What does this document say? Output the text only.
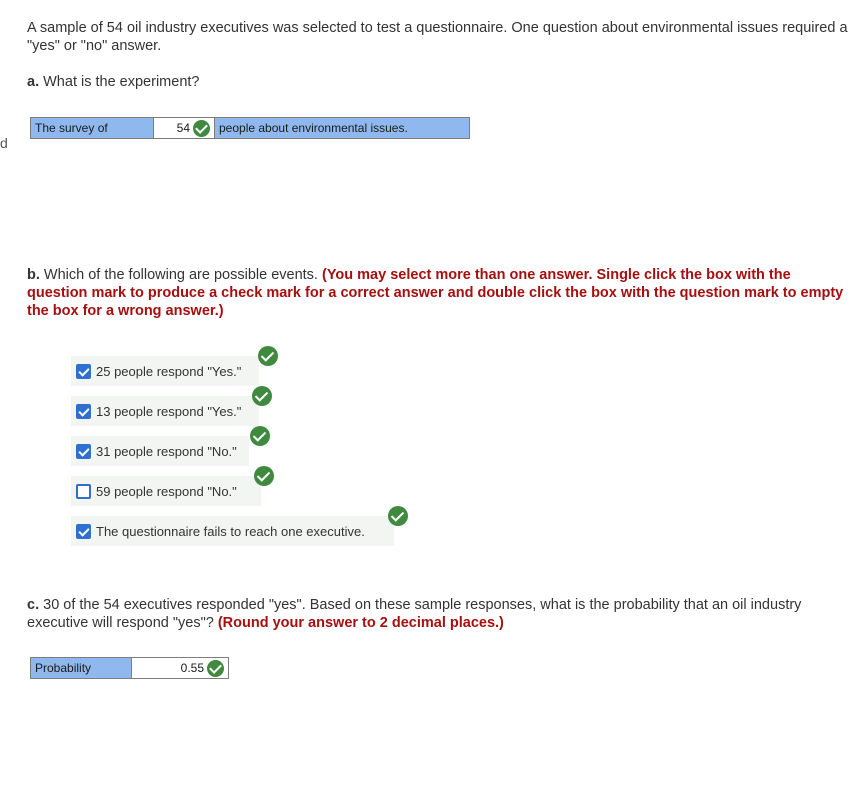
d

A sample of 54 oil industry executives was selected to test a questionnaire. One question about environmental issues required a "yes" or "no" answer.

a. What is the experiment?

The survey of	54 people about environmental issues.

b. Which of the following are possible events. (You may select more than one answer. Single click the box with the question mark to produce a check mark for a correct answer and double click the box with the question mark to empty the box for a wrong answer.)

25 people respond "Yes."
13 people respond "Yes."
31 people respond "No."
59 people respond "No."
The questionnaire fails to reach one executive.

c. 30 of the 54 executives responded "yes". Based on these sample responses, what is the probability that an oil industry executive will respond "yes"? (Round your answer to 2 decimal places.)

Probability	0.55
